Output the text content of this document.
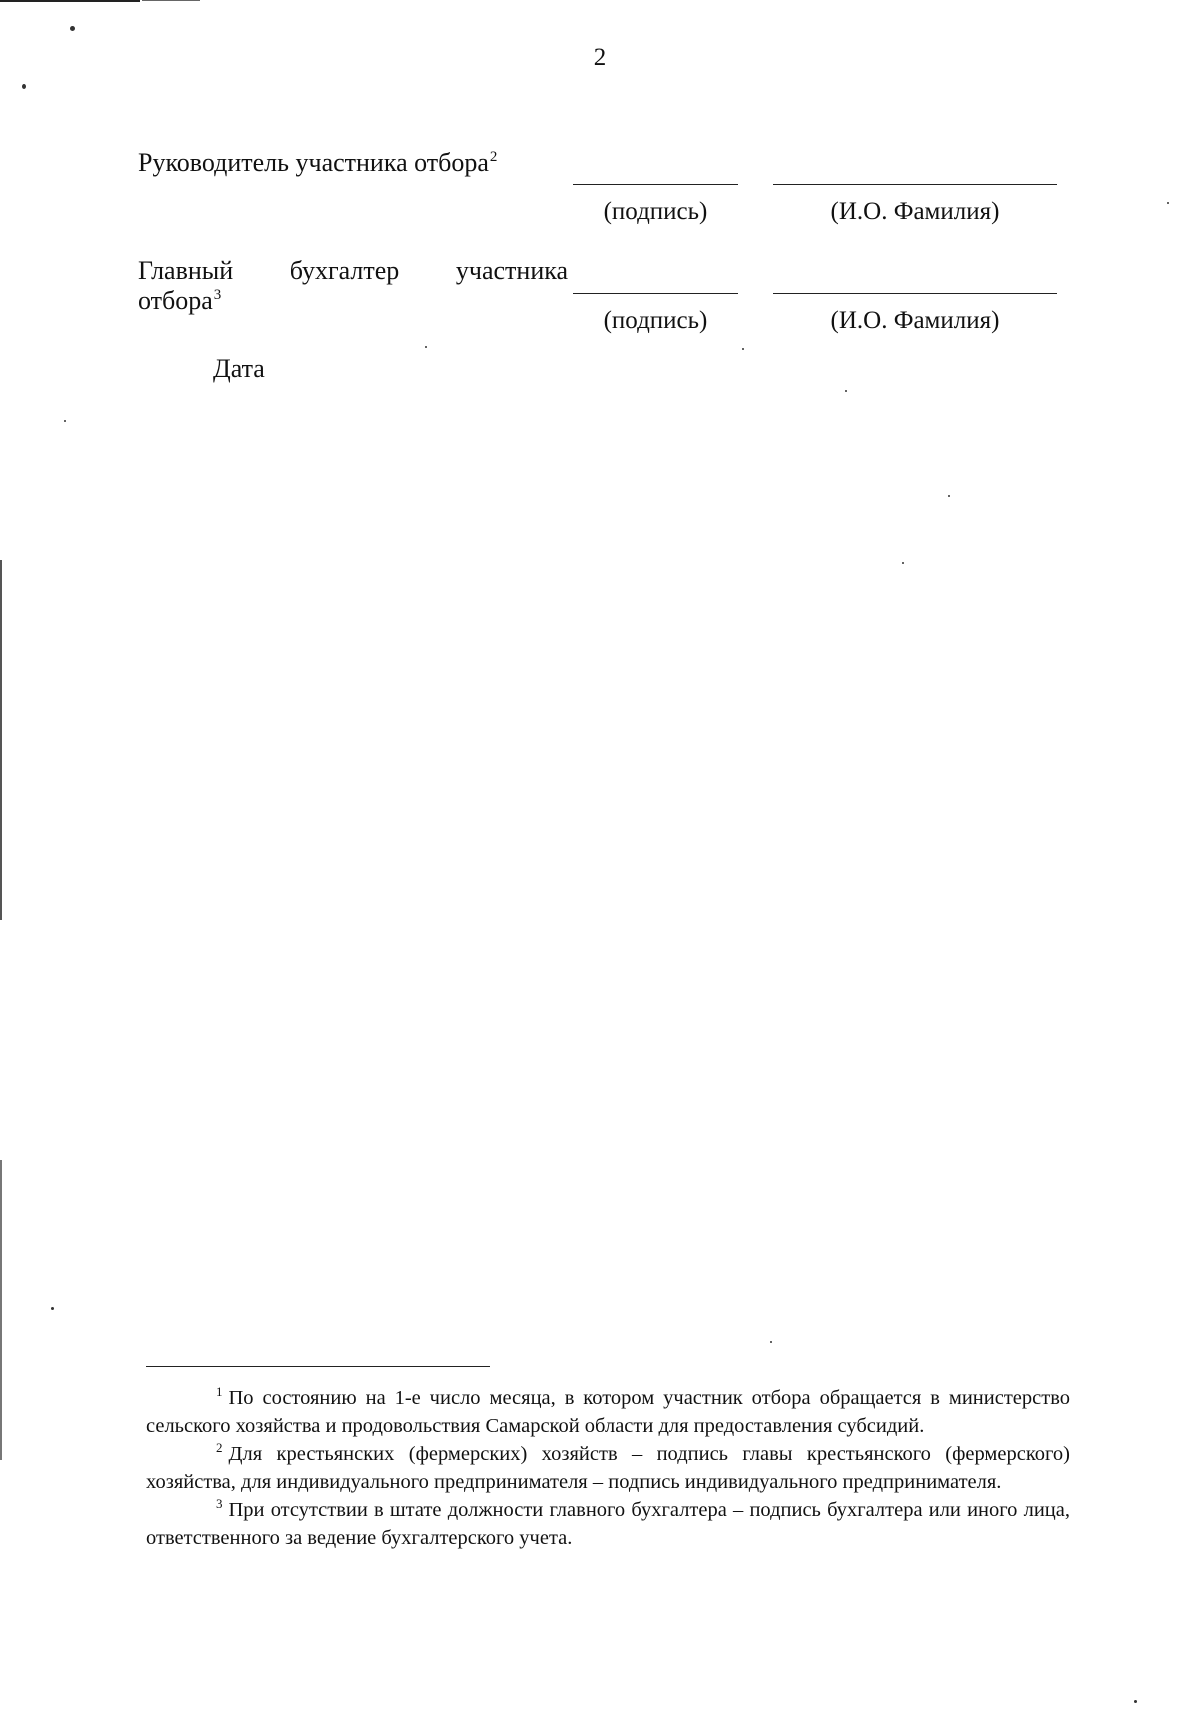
2
Руководитель участника отбора$^2$
(подпись)	(И.О. Фамилия)
Главный бухгалтер участника
отбора$^3$
(подпись)	(И.О. Фамилия)
Дата

1 По состоянию на 1-е число месяца, в котором участник отбора обращается в министерство сельского хозяйства и продовольствия Самарской области для предоставления субсидий.

2 Для крестьянских (фермерских) хозяйств – подпись главы крестьянского (фермерского) хозяйства, для индивидуального предпринимателя – подпись индивидуального предпринимателя.

3 При отсутствии в штате должности главного бухгалтера – подпись бухгалтера или иного лица, ответственного за ведение бухгалтерского учета.
